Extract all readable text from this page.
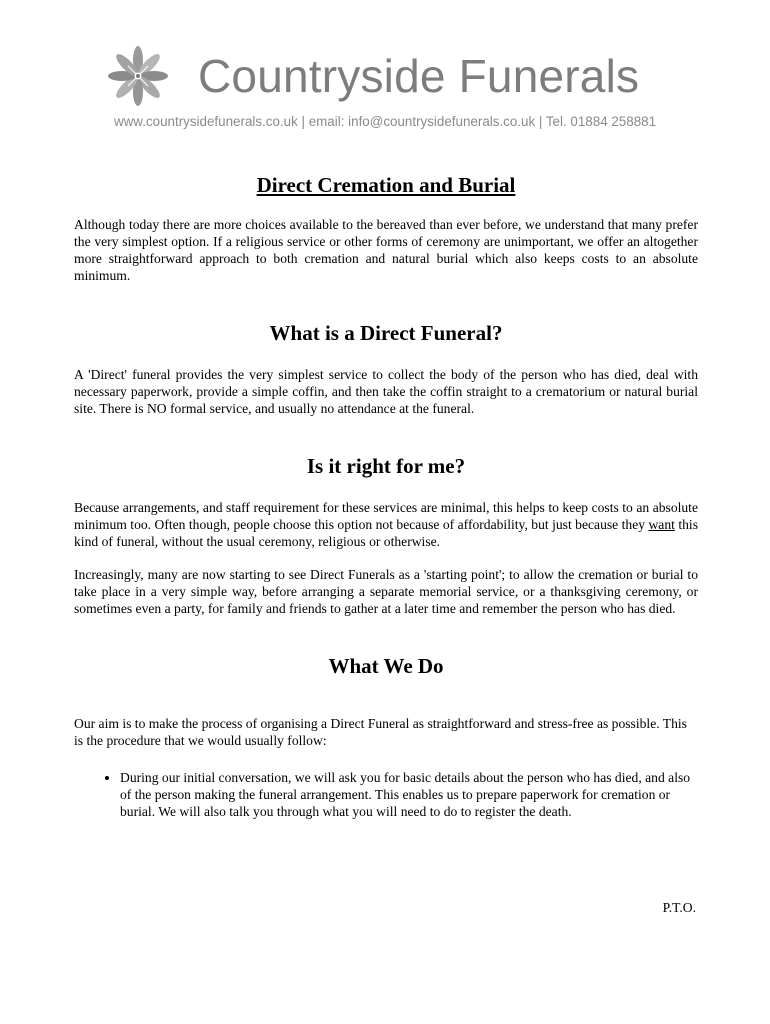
Countryside Funerals
www.countrysidefunerals.co.uk | email: info@countrysidefunerals.co.uk | Tel. 01884 258881
Direct Cremation and Burial

Although today there are more choices available to the bereaved than ever before, we understand that many prefer the very simplest option. If a religious service or other forms of ceremony are unimportant, we offer an altogether more straightforward approach to both cremation and natural burial which also keeps costs to an absolute minimum.

What is a Direct Funeral?

A 'Direct' funeral provides the very simplest service to collect the body of the person who has died, deal with necessary paperwork, provide a simple coffin, and then take the coffin straight to a crematorium or natural burial site. There is NO formal service, and usually no attendance at the funeral.

Is it right for me?

Because arrangements, and staff requirement for these services are minimal, this helps to keep costs to an absolute minimum too. Often though, people choose this option not because of affordability, but just because they want this kind of funeral, without the usual ceremony, religious or otherwise.

Increasingly, many are now starting to see Direct Funerals as a 'starting point'; to allow the cremation or burial to take place in a very simple way, before arranging a separate memorial service, or a thanksgiving ceremony, or sometimes even a party, for family and friends to gather at a later time and remember the person who has died.

What We Do

Our aim is to make the process of organising a Direct Funeral as straightforward and stress-free as possible. This is the procedure that we would usually follow:

• During our initial conversation, we will ask you for basic details about the person who has died, and also of the person making the funeral arrangement. This enables us to prepare paperwork for cremation or burial. We will also talk you through what you will need to do to register the death.
P.T.O.
